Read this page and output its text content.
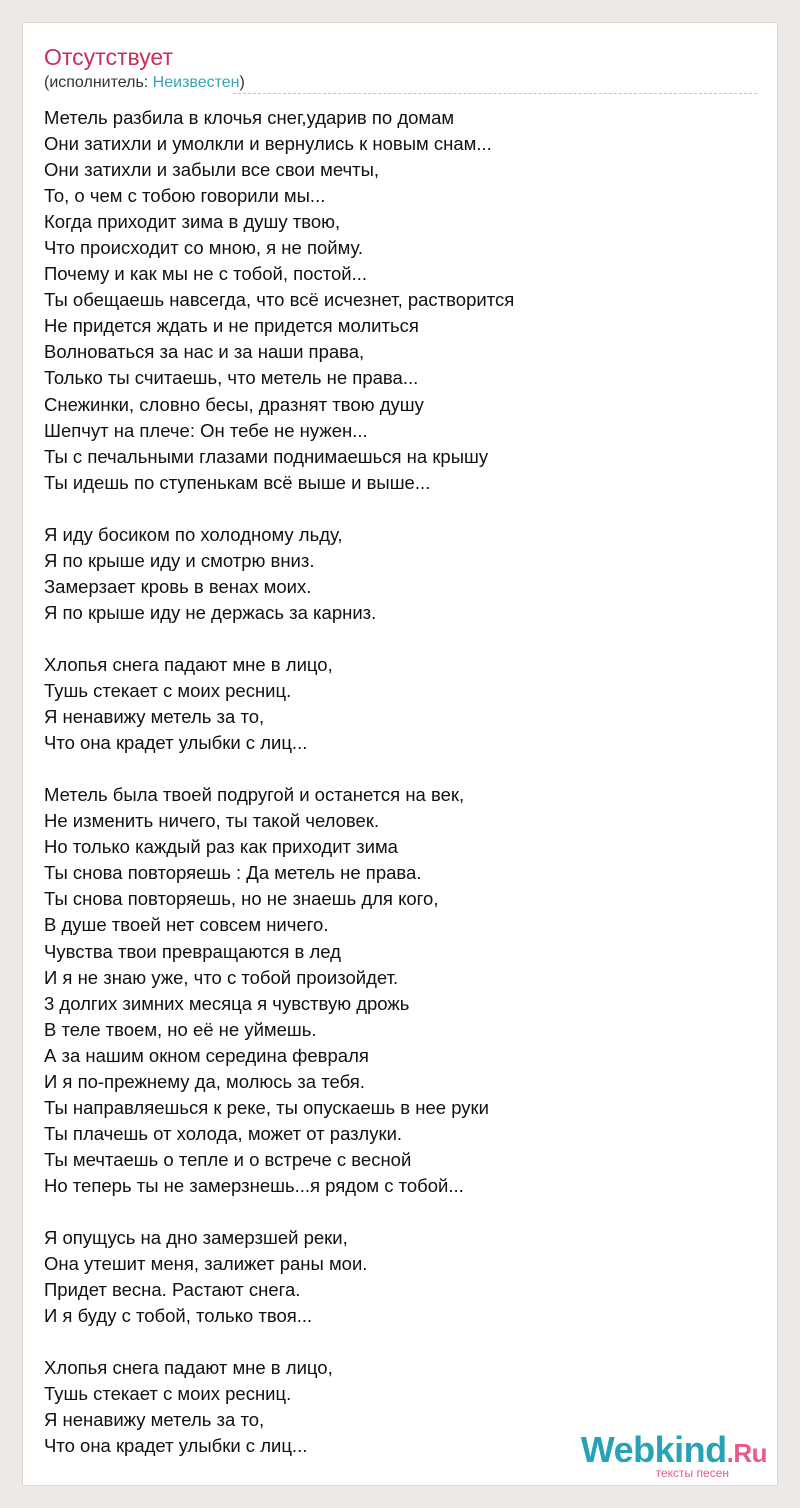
Отсутствует
(исполнитель: Неизвестен)
Метель разбила в клочья снег,ударив по домам
Они затихли и умолкли и вернулись к новым снам...
Они затихли и забыли все свои мечты,
То, о чем с тобою говорили мы...
Когда приходит зима в душу твою,
Что происходит со мною, я не пойму.
Почему и как мы не с тобой, постой...
Ты обещаешь навсегда, что всё исчезнет, растворится
Не придется ждать и не придется молиться
Волноваться за нас и за наши права,
Только ты считаешь, что метель не права...
Снежинки, словно бесы, дразнят твою душу
Шепчут на плече: Он тебе не нужен...
Ты с печальными глазами поднимаешься на крышу
Ты идешь по ступенькам всё выше и выше...
Я иду босиком по холодному льду,
Я по крыше иду и смотрю вниз.
Замерзает кровь в венах моих.
Я по крыше иду не держась за карниз.
Хлопья снега падают мне в лицо,
Тушь стекает с моих ресниц.
Я ненавижу метель за то,
Что она крадет улыбки с лиц...
Метель была твоей подругой и останется на век,
Не изменить ничего, ты такой человек.
Но только каждый раз как приходит зима
Ты снова повторяешь : Да метель не права.
Ты снова повторяешь, но не знаешь для кого,
В душе твоей нет совсем ничего.
Чувства твои превращаются в лед
И я не знаю уже, что с тобой произойдет.
3 долгих зимних месяца я чувствую дрожь
В теле твоем, но её не уймешь.
А за нашим окном середина февраля
И я по-прежнему да, молюсь за тебя.
Ты направляешься к реке, ты опускаешь в нее руки
Ты плачешь от холода, может от разлуки.
Ты мечтаешь о тепле и о встрече с весной
Но теперь ты не замерзнешь...я рядом с тобой...
Я опущусь на дно замерзшей реки,
Она утешит меня, залижет раны мои.
Придет весна. Растают снега.
И я буду с тобой, только твоя...
Хлопья снега падают мне в лицо,
Тушь стекает с моих ресниц.
Я ненавижу метель за то,
Что она крадет улыбки с лиц...	Webkind.Ru
тексты песен
